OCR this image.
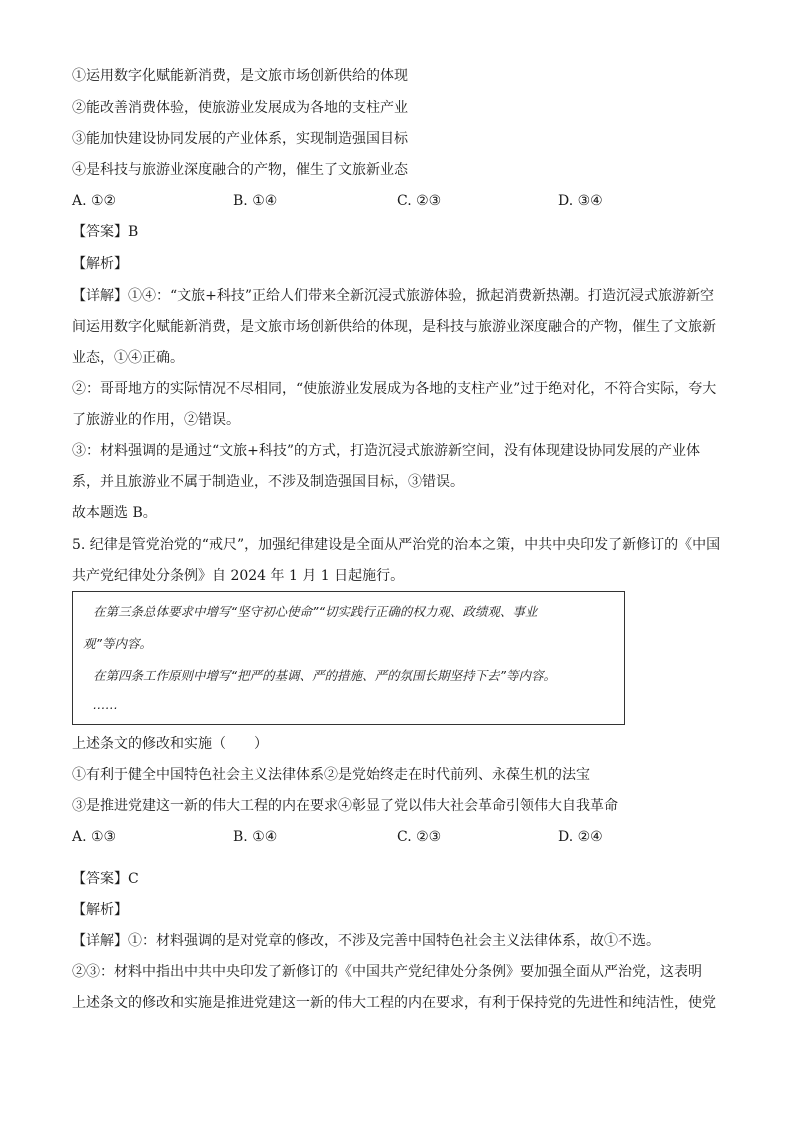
①运用数字化赋能新消费，是文旅市场创新供给的体现
②能改善消费体验，使旅游业发展成为各地的支柱产业
③能加快建设协同发展的产业体系，实现制造强国目标
④是科技与旅游业深度融合的产物，催生了文旅新业态
A. ①②	B. ①④	C. ②③	D. ③④
【答案】B
【解析】
【详解】①④：“文旅+科技”正给人们带来全新沉浸式旅游体验，掀起消费新热潮。打造沉浸式旅游新空
间运用数字化赋能新消费，是文旅市场创新供给的体现，是科技与旅游业深度融合的产物，催生了文旅新
业态，①④正确。
②：哥哥地方的实际情况不尽相同，“使旅游业发展成为各地的支柱产业”过于绝对化，不符合实际，夸大
了旅游业的作用，②错误。
③：材料强调的是通过“文旅+科技”的方式，打造沉浸式旅游新空间，没有体现建设协同发展的产业体
系，并且旅游业不属于制造业，不涉及制造强国目标，③错误。
故本题选 B。
5. 纪律是管党治党的“戒尺”，加强纪律建设是全面从严治党的治本之策，中共中央印发了新修订的《中国
共产党纪律处分条例》自 2024 年 1 月 1 日起施行。
在第三条总体要求中增写“坚守初心使命”“切实践行正确的权力观、政绩观、事业
观”等内容。
在第四条工作原则中增写“把严的基调、严的措施、严的氛围长期坚持下去”等内容。
……
上述条文的修改和实施（　　）
①有利于健全中国特色社会主义法律体系②是党始终走在时代前列、永葆生机的法宝
③是推进党建这一新的伟大工程的内在要求④彰显了党以伟大社会革命引领伟大自我革命
A. ①③	B. ①④	C. ②③	D. ②④
【答案】C
【解析】
【详解】①：材料强调的是对党章的修改，不涉及完善中国特色社会主义法律体系，故①不选。
②③：材料中指出中共中央印发了新修订的《中国共产党纪律处分条例》要加强全面从严治党，这表明
上述条文的修改和实施是推进党建这一新的伟大工程的内在要求，有利于保持党的先进性和纯洁性，使党
